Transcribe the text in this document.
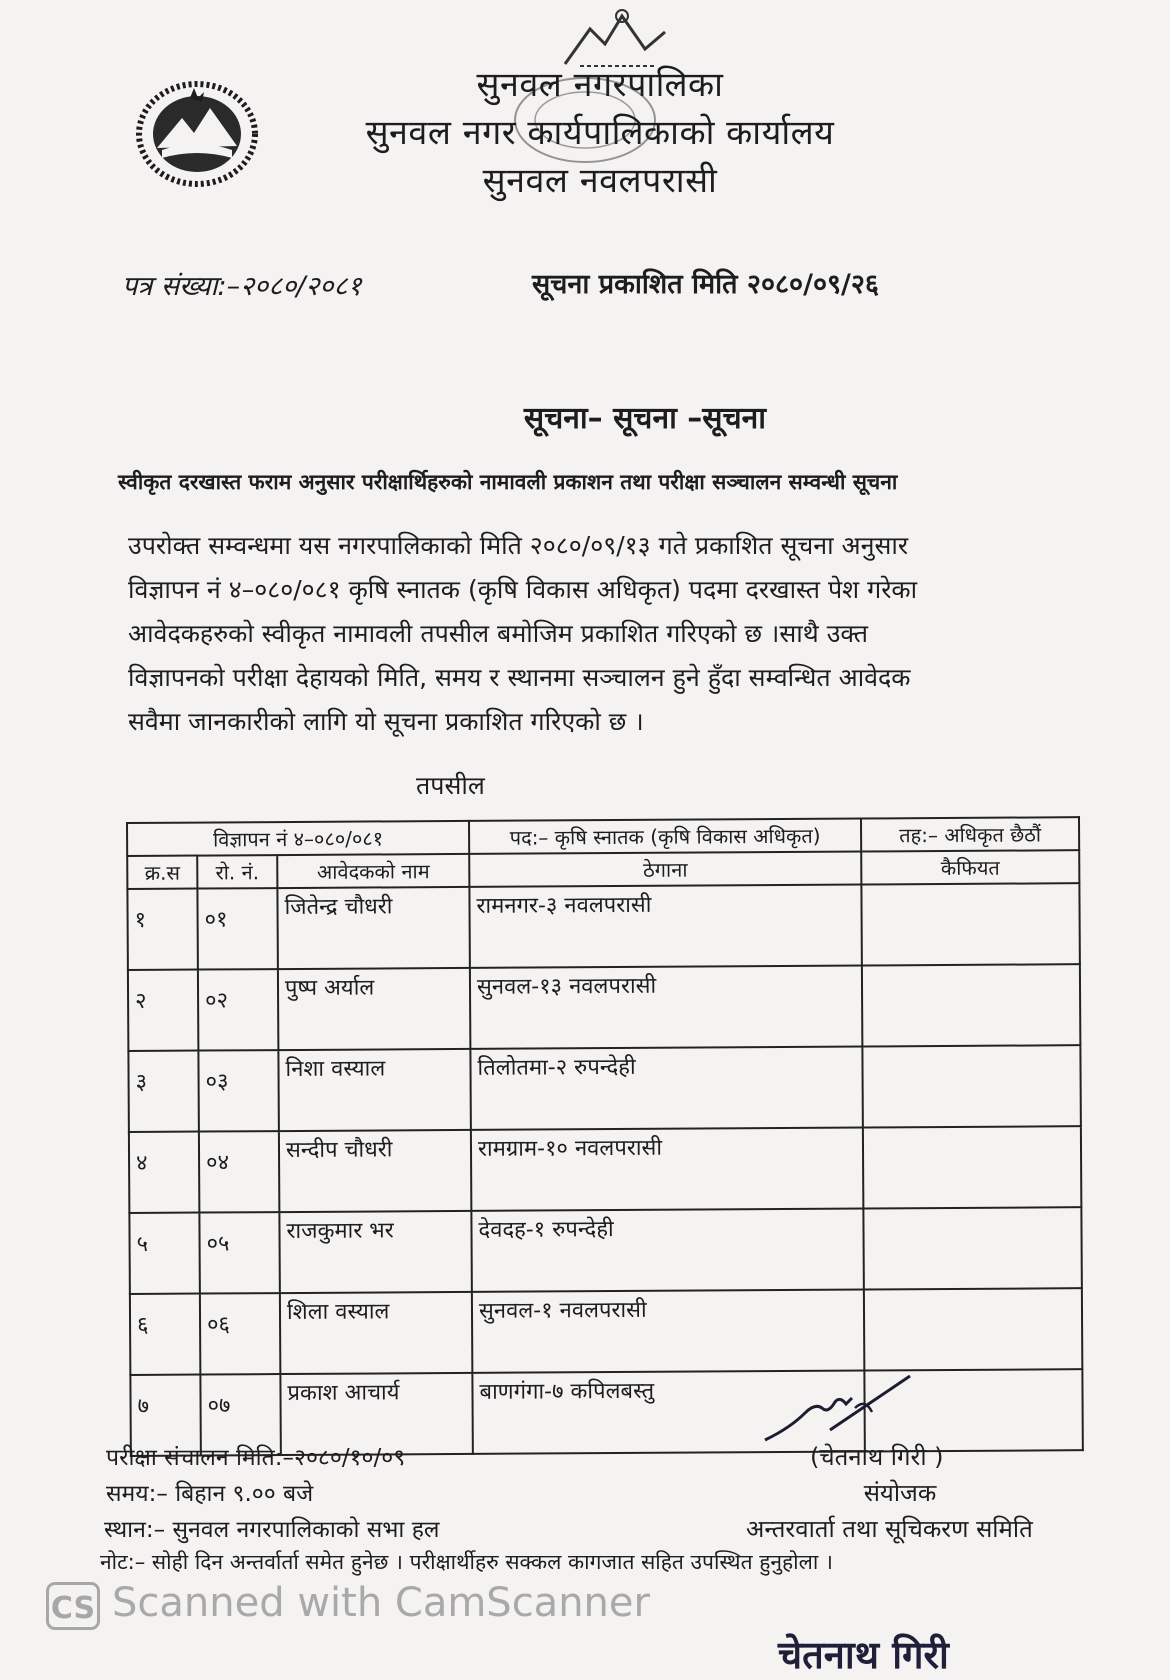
सुनवल नगरपालिका
सुनवल नगर कार्यपालिकाको कार्यालय
सुनवल नवलपरासी
पत्र संख्या:–२०८०/२०८१	सूचना प्रकाशित मिति २०८०/०९/२६
सूचना– सूचना –सूचना
स्वीकृत दरखास्त फराम अनुसार परीक्षार्थिहरुको नामावली प्रकाशन तथा परीक्षा सञ्चालन सम्वन्धी सूचना
उपरोक्त सम्वन्धमा यस नगरपालिकाको मिति २०८०/०९/१३ गते प्रकाशित सूचना अनुसार
विज्ञापन नं ४–०८०/०८१ कृषि स्नातक (कृषि विकास अधिकृत) पदमा दरखास्त पेश गरेका
आवेदकहरुको स्वीकृत नामावली तपसील बमोजिम प्रकाशित गरिएको छ ।साथै उक्त
विज्ञापनको परीक्षा देहायको मिति, समय र स्थानमा सञ्चालन हुने हुँदा सम्वन्धित आवेदक
सवैमा जानकारीको लागि यो सूचना प्रकाशित गरिएको छ ।
तपसील
विज्ञापन नं ४–०८०/०८१			पद:– कृषि स्नातक (कृषि विकास अधिकृत)	तह:– अधिकृत छैठौं
क्र.स	रो. नं.	आवेदकको नाम	ठेगाना	कैफियत
१	०१	जितेन्द्र चौधरी	रामनगर-३ नवलपरासी	
२	०२	पुष्प अर्याल	सुनवल-१३ नवलपरासी	
३	०३	निशा वस्याल	तिलोतमा-२ रुपन्देही	
४	०४	सन्दीप चौधरी	रामग्राम-१० नवलपरासी	
५	०५	राजकुमार भर	देवदह-१ रुपन्देही	
६	०६	शिला वस्याल	सुनवल-१ नवलपरासी	
७	०७	प्रकाश आचार्य	बाणगंगा-७ कपिलबस्तु	
परीक्षा संचालन मिति:–२०८०/१०/०९
समय:– बिहान ९.०० बजे
स्थान:– सुनवल नगरपालिकाको सभा हल
नोट:– सोही दिन अन्तर्वार्ता समेत हुनेछ । परीक्षार्थीहरु सक्कल कागजात सहित उपस्थित हुनुहोला ।
(चेतनाथ गिरी )
संयोजक
अन्तरवार्ता तथा सूचिकरण समिति
CS Scanned with CamScanner
चेतनाथ गिरी
